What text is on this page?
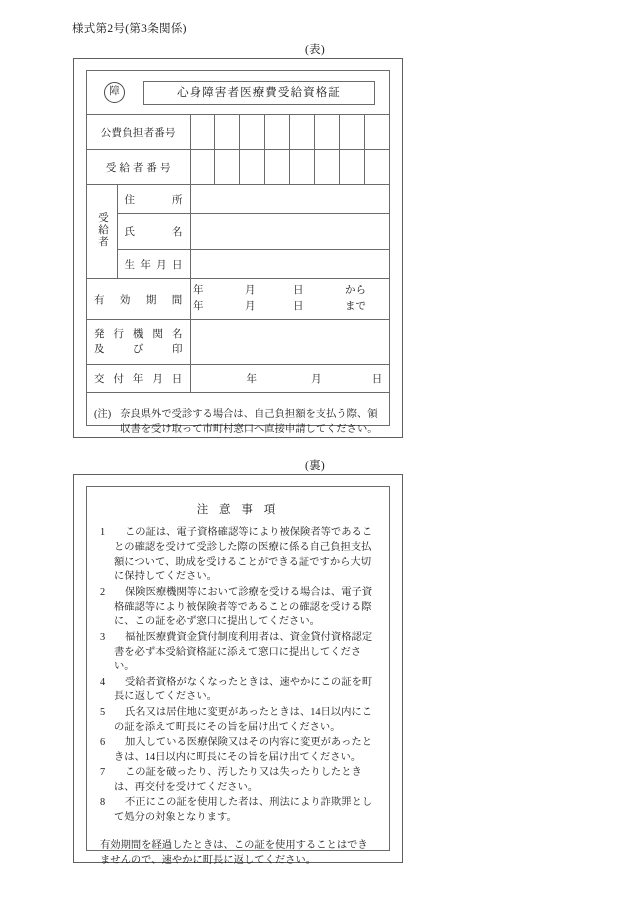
様式第2号(第3条関係)
(表)
障 心身障害者医療費受給資格証									

公費負担者番号									
受 給 者 番 号									
受給者	住　　所								

	氏　　名								

	生 年 月 日								

有　効　期　間

年	月	日	から
年	月	日	まで

発 行 機 関 名
及　　び　　印									

交 付 年 月 日		年 月 日							

(注) 奈良県外で受診する場合は、自己負担額を支払う際、領収書を受け取って市町村窓口へ直接申請してください。									
(裏)
注 意 事 項
1	この証は、電子資格確認等により被保険者等であることの確認を受けて受診した際の医療に係る自己負担支払額について、助成を受けることができる証ですから大切に保持してください。
2	保険医療機関等において診療を受ける場合は、電子資格確認等により被保険者等であることの確認を受ける際に、この証を必ず窓口に提出してください。
3	福祉医療費資金貸付制度利用者は、資金貸付資格認定書を必ず本受給資格証に添えて窓口に提出してください。
4	受給者資格がなくなったときは、速やかにこの証を町長に返してください。
5	氏名又は居住地に変更があったときは、14日以内にこの証を添えて町長にその旨を届け出てください。
6	加入している医療保険又はその内容に変更があったときは、14日以内に町長にその旨を届け出てください。
7	この証を破ったり、汚したり又は失ったりしたときは、再交付を受けてください。
8	不正にこの証を使用した者は、刑法により詐欺罪として処分の対象となります。
有効期間を経過したときは、この証を使用することはできませんので、速やかに町長に返してください。
